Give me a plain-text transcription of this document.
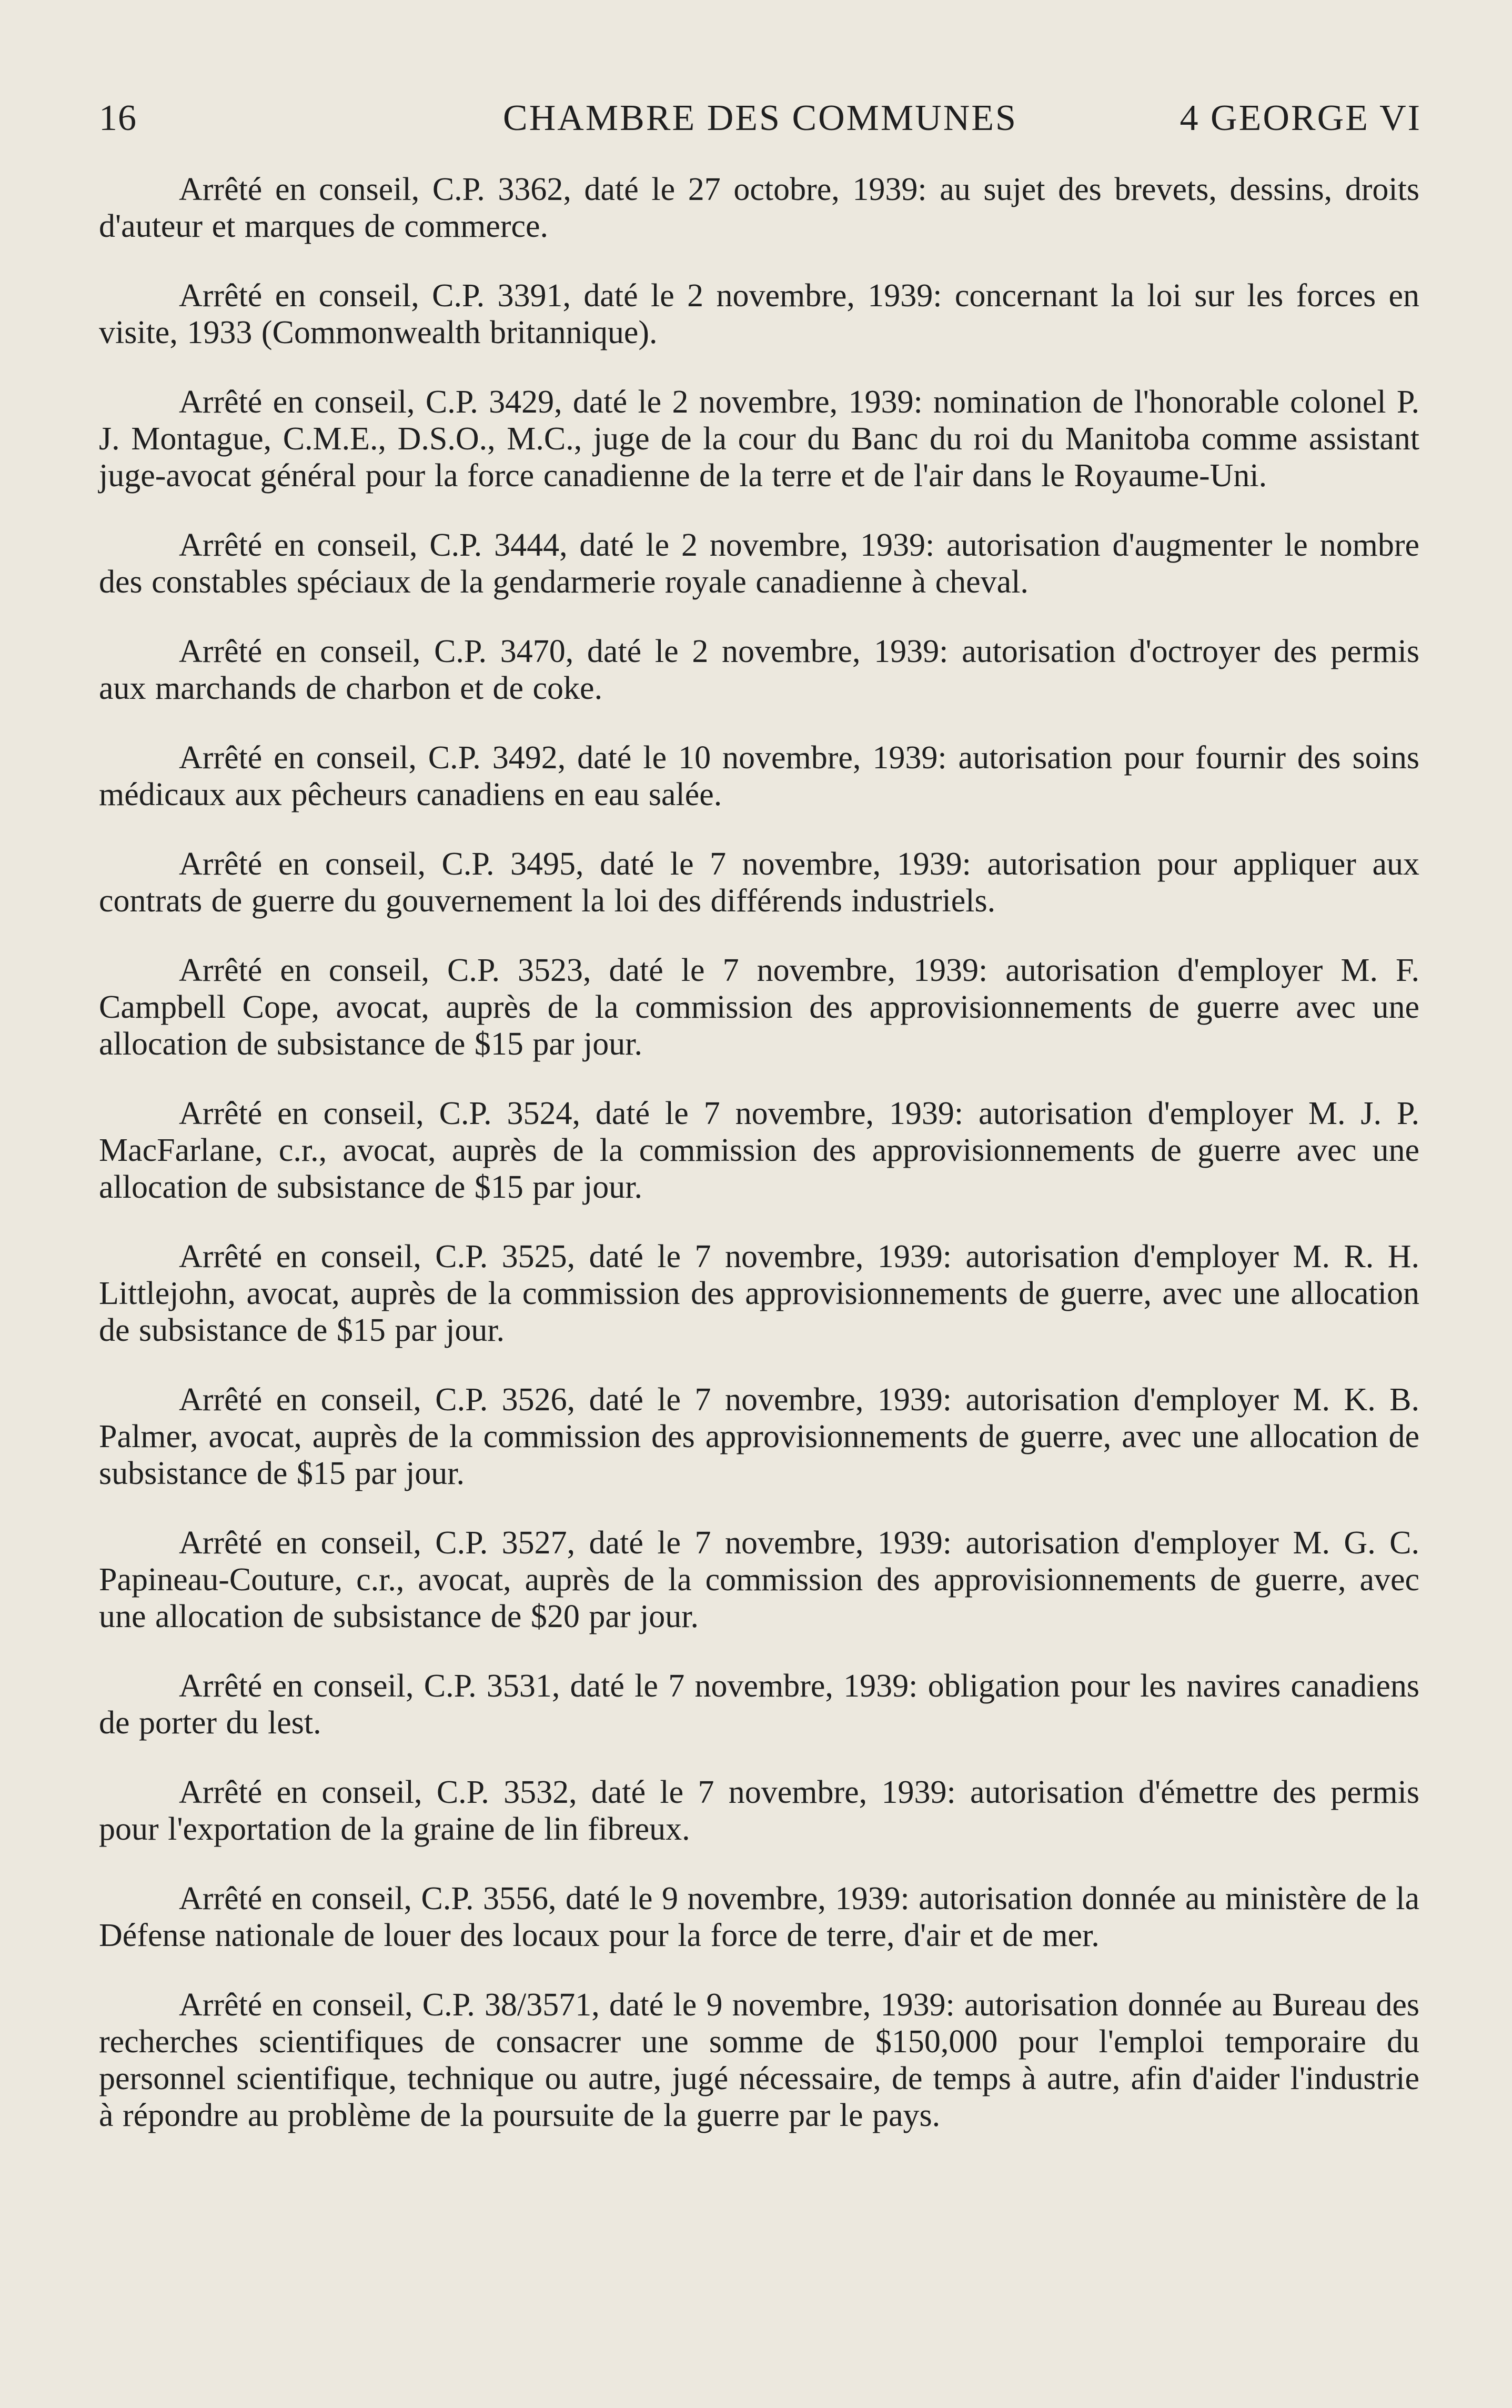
CHAMBRE DES COMMUNES
16	4 GEORGE VI

Arrêté en conseil, C.P. 3362, daté le 27 octobre, 1939: au sujet des brevets, dessins, droits d'auteur et marques de commerce.

Arrêté en conseil, C.P. 3391, daté le 2 novembre, 1939: concernant la loi sur les forces en visite, 1933 (Commonwealth britannique).

Arrêté en conseil, C.P. 3429, daté le 2 novembre, 1939: nomination de l'honorable colonel P. J. Montague, C.M.E., D.S.O., M.C., juge de la cour du Banc du roi du Manitoba comme assistant juge-avocat général pour la force canadienne de la terre et de l'air dans le Royaume-Uni.

Arrêté en conseil, C.P. 3444, daté le 2 novembre, 1939: autorisation d'augmenter le nombre des constables spéciaux de la gendarmerie royale canadienne à cheval.

Arrêté en conseil, C.P. 3470, daté le 2 novembre, 1939: autorisation d'octroyer des permis aux marchands de charbon et de coke.

Arrêté en conseil, C.P. 3492, daté le 10 novembre, 1939: autorisation pour fournir des soins médicaux aux pêcheurs canadiens en eau salée.

Arrêté en conseil, C.P. 3495, daté le 7 novembre, 1939: autorisation pour appliquer aux contrats de guerre du gouvernement la loi des différends industriels.

Arrêté en conseil, C.P. 3523, daté le 7 novembre, 1939: autorisation d'employer M. F. Campbell Cope, avocat, auprès de la commission des approvisionnements de guerre avec une allocation de subsistance de $15 par jour.

Arrêté en conseil, C.P. 3524, daté le 7 novembre, 1939: autorisation d'employer M. J. P. MacFarlane, c.r., avocat, auprès de la commission des approvisionnements de guerre avec une allocation de subsistance de $15 par jour.

Arrêté en conseil, C.P. 3525, daté le 7 novembre, 1939: autorisation d'employer M. R. H. Littlejohn, avocat, auprès de la commission des approvisionnements de guerre, avec une allocation de subsistance de $15 par jour.

Arrêté en conseil, C.P. 3526, daté le 7 novembre, 1939: autorisation d'employer M. K. B. Palmer, avocat, auprès de la commission des approvisionnements de guerre, avec une allocation de subsistance de $15 par jour.

Arrêté en conseil, C.P. 3527, daté le 7 novembre, 1939: autorisation d'employer M. G. C. Papineau-Couture, c.r., avocat, auprès de la commission des approvisionnements de guerre, avec une allocation de subsistance de $20 par jour.

Arrêté en conseil, C.P. 3531, daté le 7 novembre, 1939: obligation pour les navires canadiens de porter du lest.

Arrêté en conseil, C.P. 3532, daté le 7 novembre, 1939: autorisation d'émettre des permis pour l'exportation de la graine de lin fibreux.

Arrêté en conseil, C.P. 3556, daté le 9 novembre, 1939: autorisation donnée au ministère de la Défense nationale de louer des locaux pour la force de terre, d'air et de mer.

Arrêté en conseil, C.P. 38/3571, daté le 9 novembre, 1939: autorisation donnée au Bureau des recherches scientifiques de consacrer une somme de $150,000 pour l'emploi temporaire du personnel scientifique, technique ou autre, jugé nécessaire, de temps à autre, afin d'aider l'industrie à répondre au problème de la poursuite de la guerre par le pays.
